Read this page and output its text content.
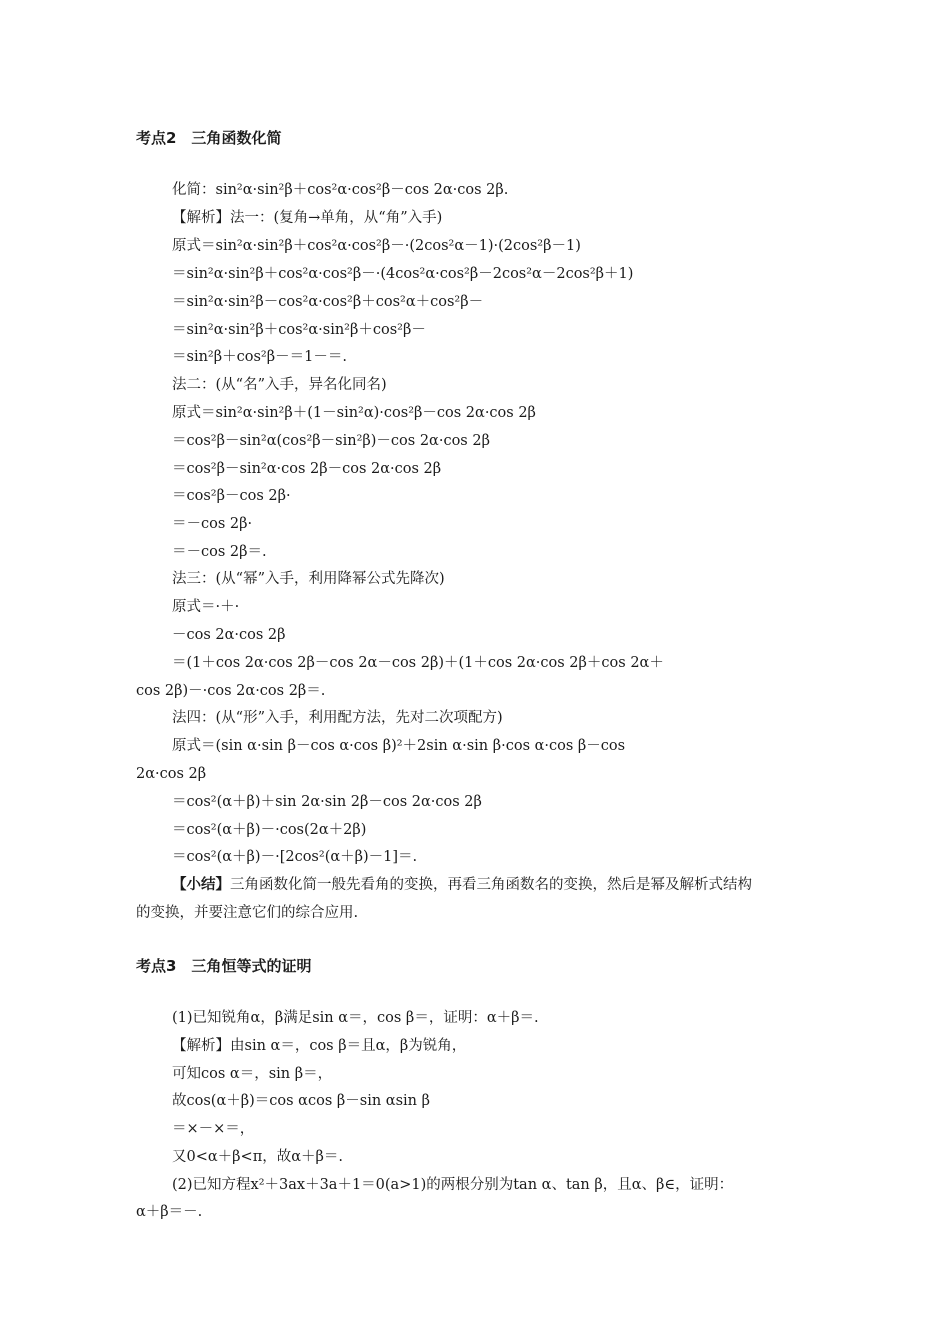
考点2　三角函数化简
化简：sin²α·sin²β＋cos²α·cos²β－cos 2α·cos 2β.
【解析】法一：(复角→单角，从“角”入手)
原式＝sin²α·sin²β＋cos²α·cos²β－·(2cos²α－1)·(2cos²β－1)
＝sin²α·sin²β＋cos²α·cos²β－·(4cos²α·cos²β－2cos²α－2cos²β＋1)
＝sin²α·sin²β－cos²α·cos²β＋cos²α＋cos²β－
＝sin²α·sin²β＋cos²α·sin²β＋cos²β－
＝sin²β＋cos²β－＝1－＝.
法二：(从“名”入手，异名化同名)
原式＝sin²α·sin²β＋(1－sin²α)·cos²β－cos 2α·cos 2β
＝cos²β－sin²α(cos²β－sin²β)－cos 2α·cos 2β
＝cos²β－sin²α·cos 2β－cos 2α·cos 2β
＝cos²β－cos 2β·
＝－cos 2β·
＝－cos 2β＝.
法三：(从“幂”入手，利用降幂公式先降次)
原式＝·＋·
－cos 2α·cos 2β
＝(1＋cos 2α·cos 2β－cos 2α－cos 2β)＋(1＋cos 2α·cos 2β＋cos 2α＋
cos 2β)－·cos 2α·cos 2β＝.
法四：(从“形”入手，利用配方法，先对二次项配方)
原式＝(sin α·sin β－cos α·cos β)²＋2sin α·sin β·cos α·cos β－cos
2α·cos 2β
＝cos²(α＋β)＋sin 2α·sin 2β－cos 2α·cos 2β
＝cos²(α＋β)－·cos(2α＋2β)
＝cos²(α＋β)－·[2cos²(α＋β)－1]＝.
【小结】三角函数化简一般先看角的变换，再看三角函数名的变换，然后是幂及解析式结构
的变换，并要注意它们的综合应用.
考点3　三角恒等式的证明
(1)已知锐角α，β满足sin α＝，cos β＝，证明：α＋β＝.
【解析】由sin α＝，cos β＝且α，β为锐角，
可知cos α＝，sin β＝，
故cos(α＋β)＝cos αcos β－sin αsin β
＝×－×＝，
又0<α＋β<π，故α＋β＝.
(2)已知方程x²＋3ax＋3a＋1＝0(a>1)的两根分别为tan α、tan β，且α、β∈，证明：
α＋β＝－.
